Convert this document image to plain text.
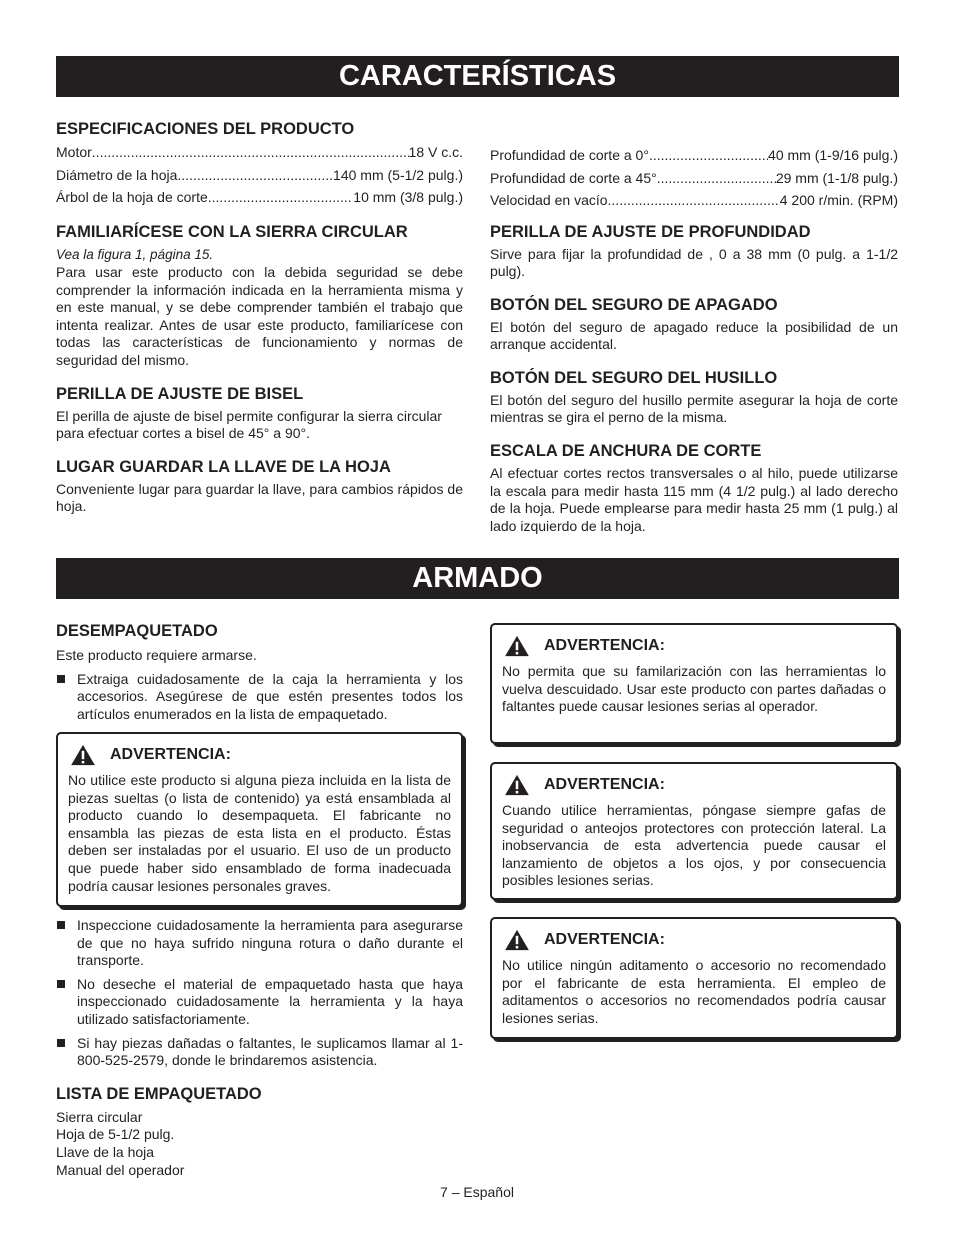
CARACTERÍSTICAS
ESPECIFICACIONES DEL PRODUCTO
Motor .....	18 V c.c.
Diámetro de la hoja .....	140 mm (5-1/2 pulg.)
Árbol de la hoja de corte .....	10 mm (3/8 pulg.)
FAMILIARÍCESE CON LA SIERRA CIRCULAR

Vea la figura 1, página 15.

Para usar este producto con la debida seguridad se debe comprender la información indicada en la herramienta misma y en este manual, y se debe comprender también el trabajo que intenta realizar. Antes de usar este producto, familiarícese con todas las características de funcionamiento y normas de seguridad del mismo.

PERILLA DE AJUSTE DE BISEL

El perilla de ajuste de bisel permite configurar la sierra circular para efectuar cortes a bisel de 45° a 90°.

LUGAR GUARDAR LA LLAVE DE LA HOJA

Conveniente lugar para guardar la llave, para cambios rápidos de hoja.

Profundidad de corte a 0° .....	40 mm (1-9/16 pulg.)
Profundidad de corte a 45° .....	29 mm (1-1/8 pulg.)
Velocidad en vacío .....	4 200 r/min. (RPM)
PERILLA DE AJUSTE DE PROFUNDIDAD

Sirve para fijar la profundidad de , 0 a 38 mm (0 pulg. a 1-1/2 pulg).

BOTÓN DEL SEGURO DE APAGADO

El botón del seguro de apagado reduce la posibilidad de un arranque accidental.

BOTÓN DEL SEGURO DEL HUSILLO

El botón del seguro del husillo permite asegurar la hoja de corte mientras se gira el perno de la misma.

ESCALA DE ANCHURA DE CORTE

Al efectuar cortes rectos transversales o al hilo, puede utilizarse la escala para medir hasta 115 mm (4 1/2 pulg.) al lado derecho de la hoja. Puede emplearse para medir hasta 25 mm (1 pulg.) al lado izquierdo de la hoja.

ARMADO
DESEMPAQUETADO

Este producto requiere armarse.

Extraiga cuidadosamente de la caja la herramienta y los accesorios. Asegúrese de que estén presentes todos los artículos enumerados en la lista de empaquetado.
ADVERTENCIA:

No utilice este producto si alguna pieza incluida en la lista de piezas sueltas (o lista de contenido) ya está ensamblada al producto cuando lo desempaqueta. El fabricante no ensambla las piezas de esta lista en el producto. Éstas deben ser instaladas por el usuario. El uso de un producto que puede haber sido ensamblado de forma inadecuada podría causar lesiones personales graves.

Inspeccione cuidadosamente la herramienta para asegurarse de que no haya sufrido ninguna rotura o daño durante el transporte.
No deseche el material de empaquetado hasta que haya inspeccionado cuidadosamente la herramienta y la haya utilizado satisfactoriamente.
Si hay piezas dañadas o faltantes, le suplicamos llamar al 1-800-525-2579, donde le brindaremos asistencia.
LISTA DE EMPAQUETADO

Sierra circular

Hoja de 5-1/2 pulg.

Llave de la hoja

Manual del operador

ADVERTENCIA:

No permita que su familarización con las herramientas lo vuelva descuidado. Usar este producto con partes dañadas o faltantes puede causar lesiones serias al operador.

ADVERTENCIA:

Cuando utilice herramientas, póngase siempre gafas de seguridad o anteojos protectores con protección lateral. La inobservancia de esta advertencia puede causar el lanzamiento de objetos a los ojos, y por consecuencia posibles lesiones serias.

ADVERTENCIA:

No utilice ningún aditamento o accesorio no recomendado por el fabricante de esta herramienta. El empleo de aditamentos o accesorios no recomendados podría causar lesiones serias.

7 – Español
